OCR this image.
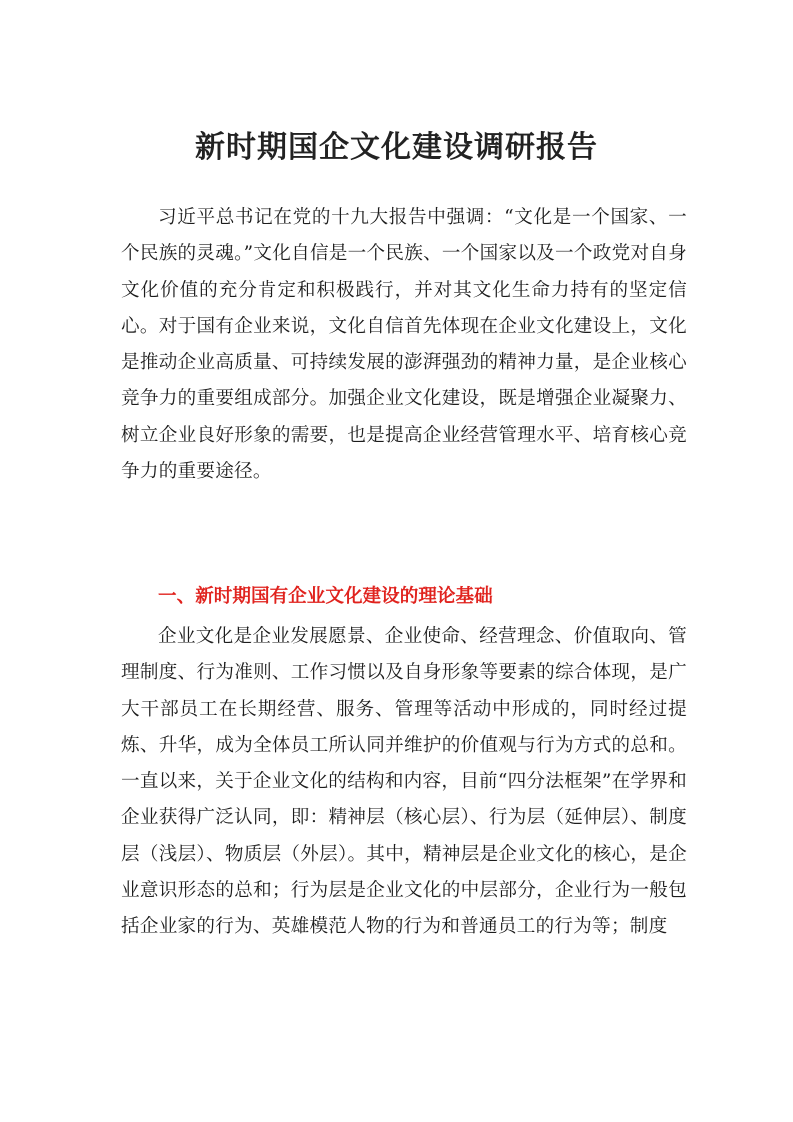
新时期国企文化建设调研报告

习近平总书记在党的十九大报告中强调：“文化是一个国家、一个民族的灵魂。”文化自信是一个民族、一个国家以及一个政党对自身文化价值的充分肯定和积极践行，并对其文化生命力持有的坚定信心。对于国有企业来说，文化自信首先体现在企业文化建设上，文化是推动企业高质量、可持续发展的澎湃强劲的精神力量，是企业核心竞争力的重要组成部分。加强企业文化建设，既是增强企业凝聚力、树立企业良好形象的需要，也是提高企业经营管理水平、培育核心竞争力的重要途径。

一、新时期国有企业文化建设的理论基础

企业文化是企业发展愿景、企业使命、经营理念、价值取向、管理制度、行为准则、工作习惯以及自身形象等要素的综合体现，是广大干部员工在长期经营、服务、管理等活动中形成的，同时经过提炼、升华，成为全体员工所认同并维护的价值观与行为方式的总和。一直以来，关于企业文化的结构和内容，目前“四分法框架”在学界和企业获得广泛认同，即：精神层（核心层）、行为层（延伸层）、制度层（浅层）、物质层（外层）。其中，精神层是企业文化的核心，是企业意识形态的总和；行为层是企业文化的中层部分，企业行为一般包括企业家的行为、英雄模范人物的行为和普通员工的行为等；制度
